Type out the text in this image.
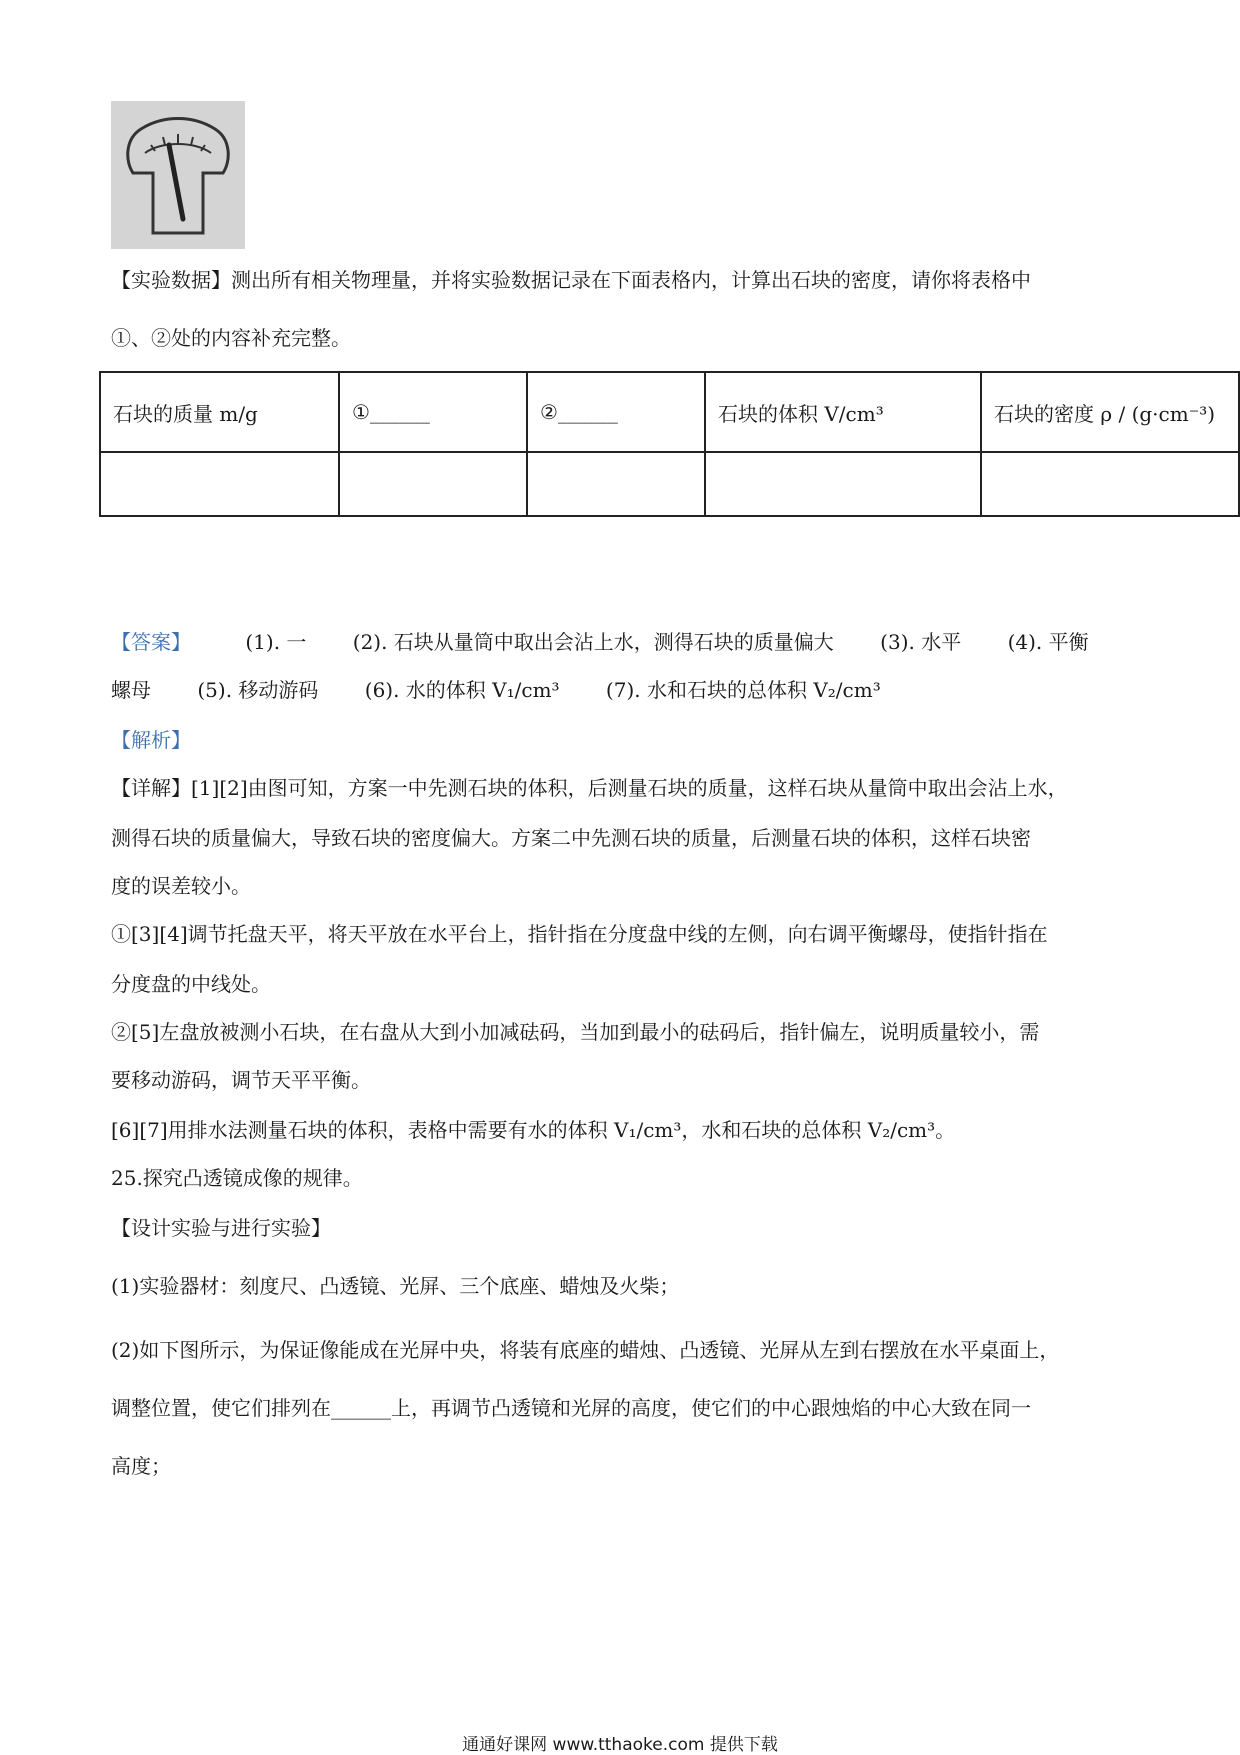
【实验数据】测出所有相关物理量，并将实验数据记录在下面表格内，计算出石块的密度，请你将表格中
①、②处的内容补充完整。
石块的质量 m/g	①______	②______	石块的体积 V/cm³	石块的密度 ρ / (g·cm⁻³)

【答案】	(1). 一 (2). 石块从量筒中取出会沾上水，测得石块的质量偏大 (3). 水平 (4). 平衡
螺母 (5). 移动游码 (6). 水的体积 V₁/cm³ (7). 水和石块的总体积 V₂/cm³
【解析】
【详解】[1][2]由图可知，方案一中先测石块的体积，后测量石块的质量，这样石块从量筒中取出会沾上水，
测得石块的质量偏大，导致石块的密度偏大。方案二中先测石块的质量，后测量石块的体积，这样石块密
度的误差较小。
①[3][4]调节托盘天平，将天平放在水平台上，指针指在分度盘中线的左侧，向右调平衡螺母，使指针指在
分度盘的中线处。
②[5]左盘放被测小石块，在右盘从大到小加减砝码，当加到最小的砝码后，指针偏左，说明质量较小，需
要移动游码，调节天平平衡。
[6][7]用排水法测量石块的体积，表格中需要有水的体积 V₁/cm³，水和石块的总体积 V₂/cm³。
25.探究凸透镜成像的规律。
【设计实验与进行实验】
(1)实验器材：刻度尺、凸透镜、光屏、三个底座、蜡烛及火柴；
(2)如下图所示，为保证像能成在光屏中央，将装有底座的蜡烛、凸透镜、光屏从左到右摆放在水平桌面上，
调整位置，使它们排列在______上，再调节凸透镜和光屏的高度，使它们的中心跟烛焰的中心大致在同一
高度；
通通好课网 www.tthaoke.com 提供下载
